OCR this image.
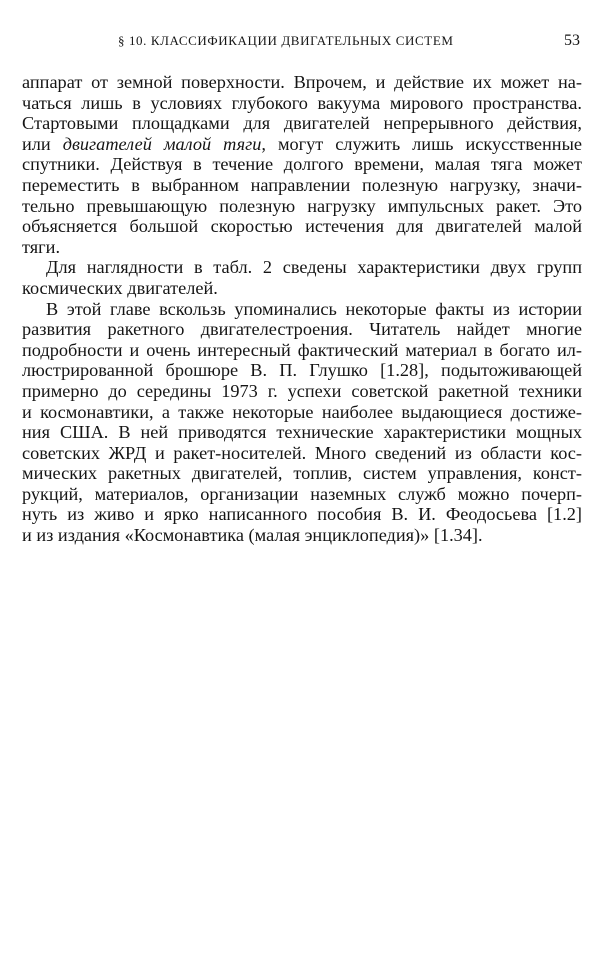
§ 10. КЛАССИФИКАЦИИ ДВИГАТЕЛЬНЫХ СИСТЕМ	53
аппарат от земной поверхности. Впрочем, и действие их может на-
чаться лишь в условиях глубокого вакуума мирового пространства.
Стартовыми площадками для двигателей непрерывного действия,
или двигателей малой тяги, могут служить лишь искусственные
спутники. Действуя в течение долгого времени, малая тяга может
переместить в выбранном направлении полезную нагрузку, значи-
тельно превышающую полезную нагрузку импульсных ракет. Это
объясняется большой скоростью истечения для двигателей малой
тяги.
Для наглядности в табл. 2 сведены характеристики двух групп
космических двигателей.
В этой главе вскользь упоминались некоторые факты из истории
развития ракетного двигателестроения. Читатель найдет многие
подробности и очень интересный фактический материал в богато ил-
люстрированной брошюре В. П. Глушко [1.28], подытоживающей
примерно до середины 1973 г. успехи советской ракетной техники
и космонавтики, а также некоторые наиболее выдающиеся достиже-
ния США. В ней приводятся технические характеристики мощных
советских ЖРД и ракет-носителей. Много сведений из области кос-
мических ракетных двигателей, топлив, систем управления, конст-
рукций, материалов, организации наземных служб можно почерп-
нуть из живо и ярко написанного пособия В. И. Феодосьева [1.2]
и из издания «Космонавтика (малая энциклопедия)» [1.34].
